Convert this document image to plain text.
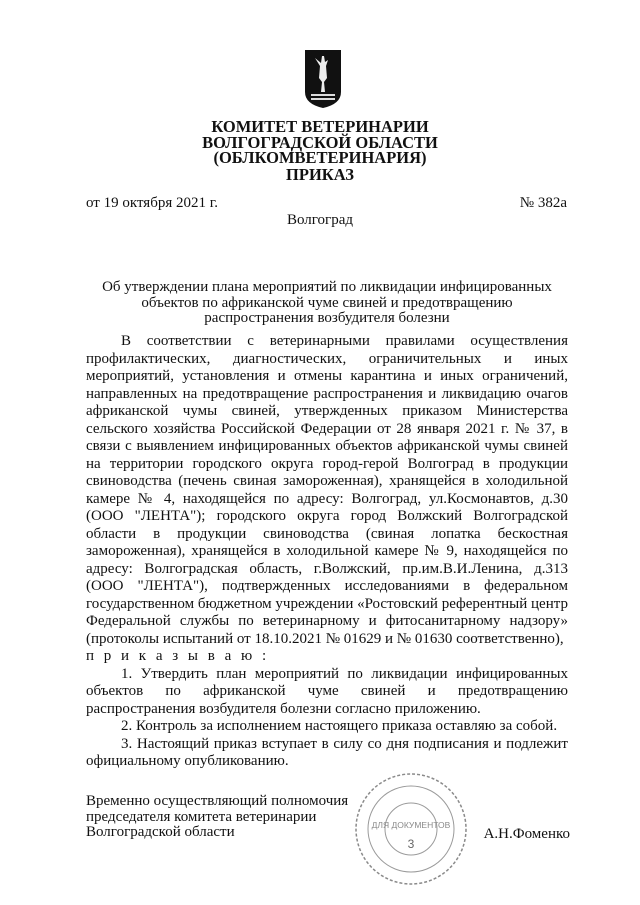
КОМИТЕТ ВЕТЕРИНАРИИ
ВОЛГОГРАДСКОЙ ОБЛАСТИ
(ОБЛКОМВЕТЕРИНАРИЯ)
ПРИКАЗ
от 19 октября 2021 г.	№ 382а
Волгоград
Об утверждении плана мероприятий по ликвидации инфицированных
объектов по африканской чуме свиней и предотвращению
распространения возбудителя болезни

В соответствии с ветеринарными правилами осуществления профилактических, диагностических, ограничительных и иных мероприятий, установления и отмены карантина и иных ограничений, направленных на предотвращение распространения и ликвидацию очагов африканской чумы свиней, утвержденных приказом Министерства сельского хозяйства Российской Федерации от 28 января 2021 г. № 37, в связи с выявлением инфицированных объектов африканской чумы свиней на территории городского округа город-герой Волгоград в продукции свиноводства (печень свиная замороженная), хранящейся в холодильной камере № 4, находящейся по адресу: Волгоград, ул.Космонавтов, д.30 (ООО "ЛЕНТА"); городского округа город Волжский Волгоградской области в продукции свиноводства (свиная лопатка бескостная замороженная), хранящейся в холодильной камере № 9, находящейся по адресу: Волгоградская область, г.Волжский, пр.им.В.И.Ленина, д.313 (ООО "ЛЕНТА"), подтвержденных исследованиями в федеральном государственном бюджетном учреждении «Ростовский референтный центр Федеральной службы по ветеринарному и фитосанитарному надзору» (протоколы испытаний от 18.10.2021 № 01629 и № 01630 соответственно),

п р и к а з ы в а ю :

1. Утвердить план мероприятий по ликвидации инфицированных объектов по африканской чуме свиней и предотвращению распространения возбудителя болезни согласно приложению.

2. Контроль за исполнением настоящего приказа оставляю за собой.

3. Настоящий приказ вступает в силу со дня подписания и подлежит официальному опубликованию.

ДЛЯ ДОКУМЕНТОВ
3
Временно осуществляющий полномочия
председателя комитета ветеринарии
Волгоградской области	А.Н.Фоменко
